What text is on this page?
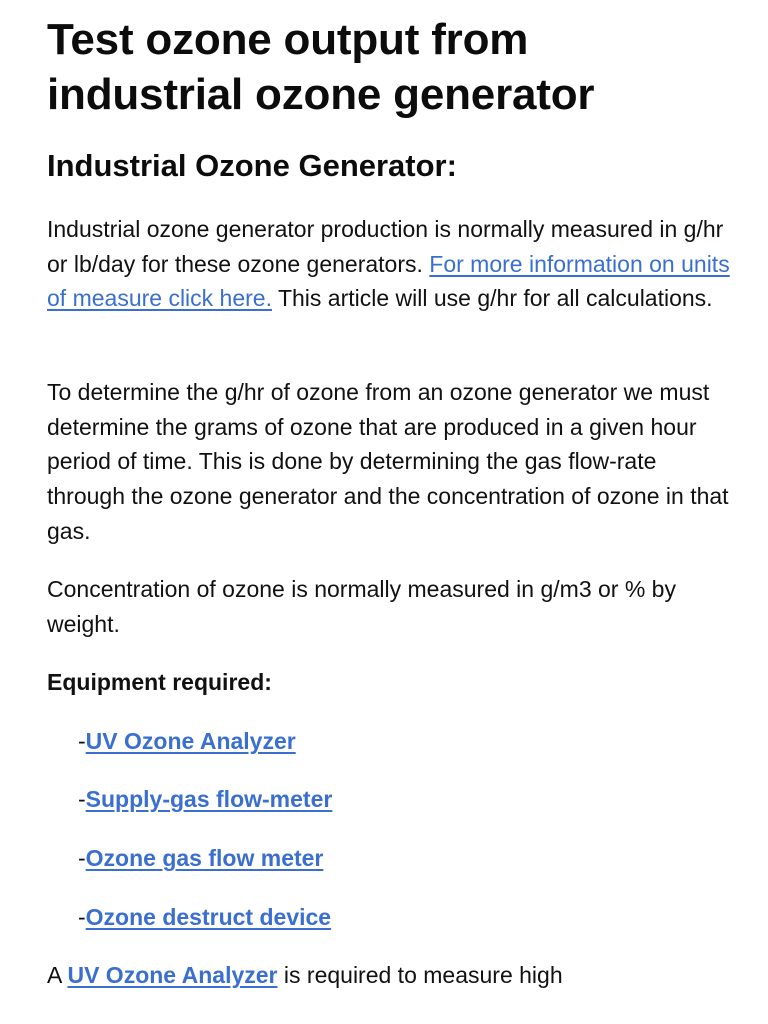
Test ozone output from industrial ozone generator
Industrial Ozone Generator:

Industrial ozone generator production is normally measured in g/hr or lb/day for these ozone generators. For more information on units of measure click here. This article will use g/hr for all calculations.

To determine the g/hr of ozone from an ozone generator we must determine the grams of ozone that are produced in a given hour period of time. This is done by determining the gas flow-rate through the ozone generator and the concentration of ozone in that gas.

Concentration of ozone is normally measured in g/m3 or % by weight.

Equipment required:

-UV Ozone Analyzer
-Supply-gas flow-meter
-Ozone gas flow meter
-Ozone destruct device

A UV Ozone Analyzer is required to measure high
